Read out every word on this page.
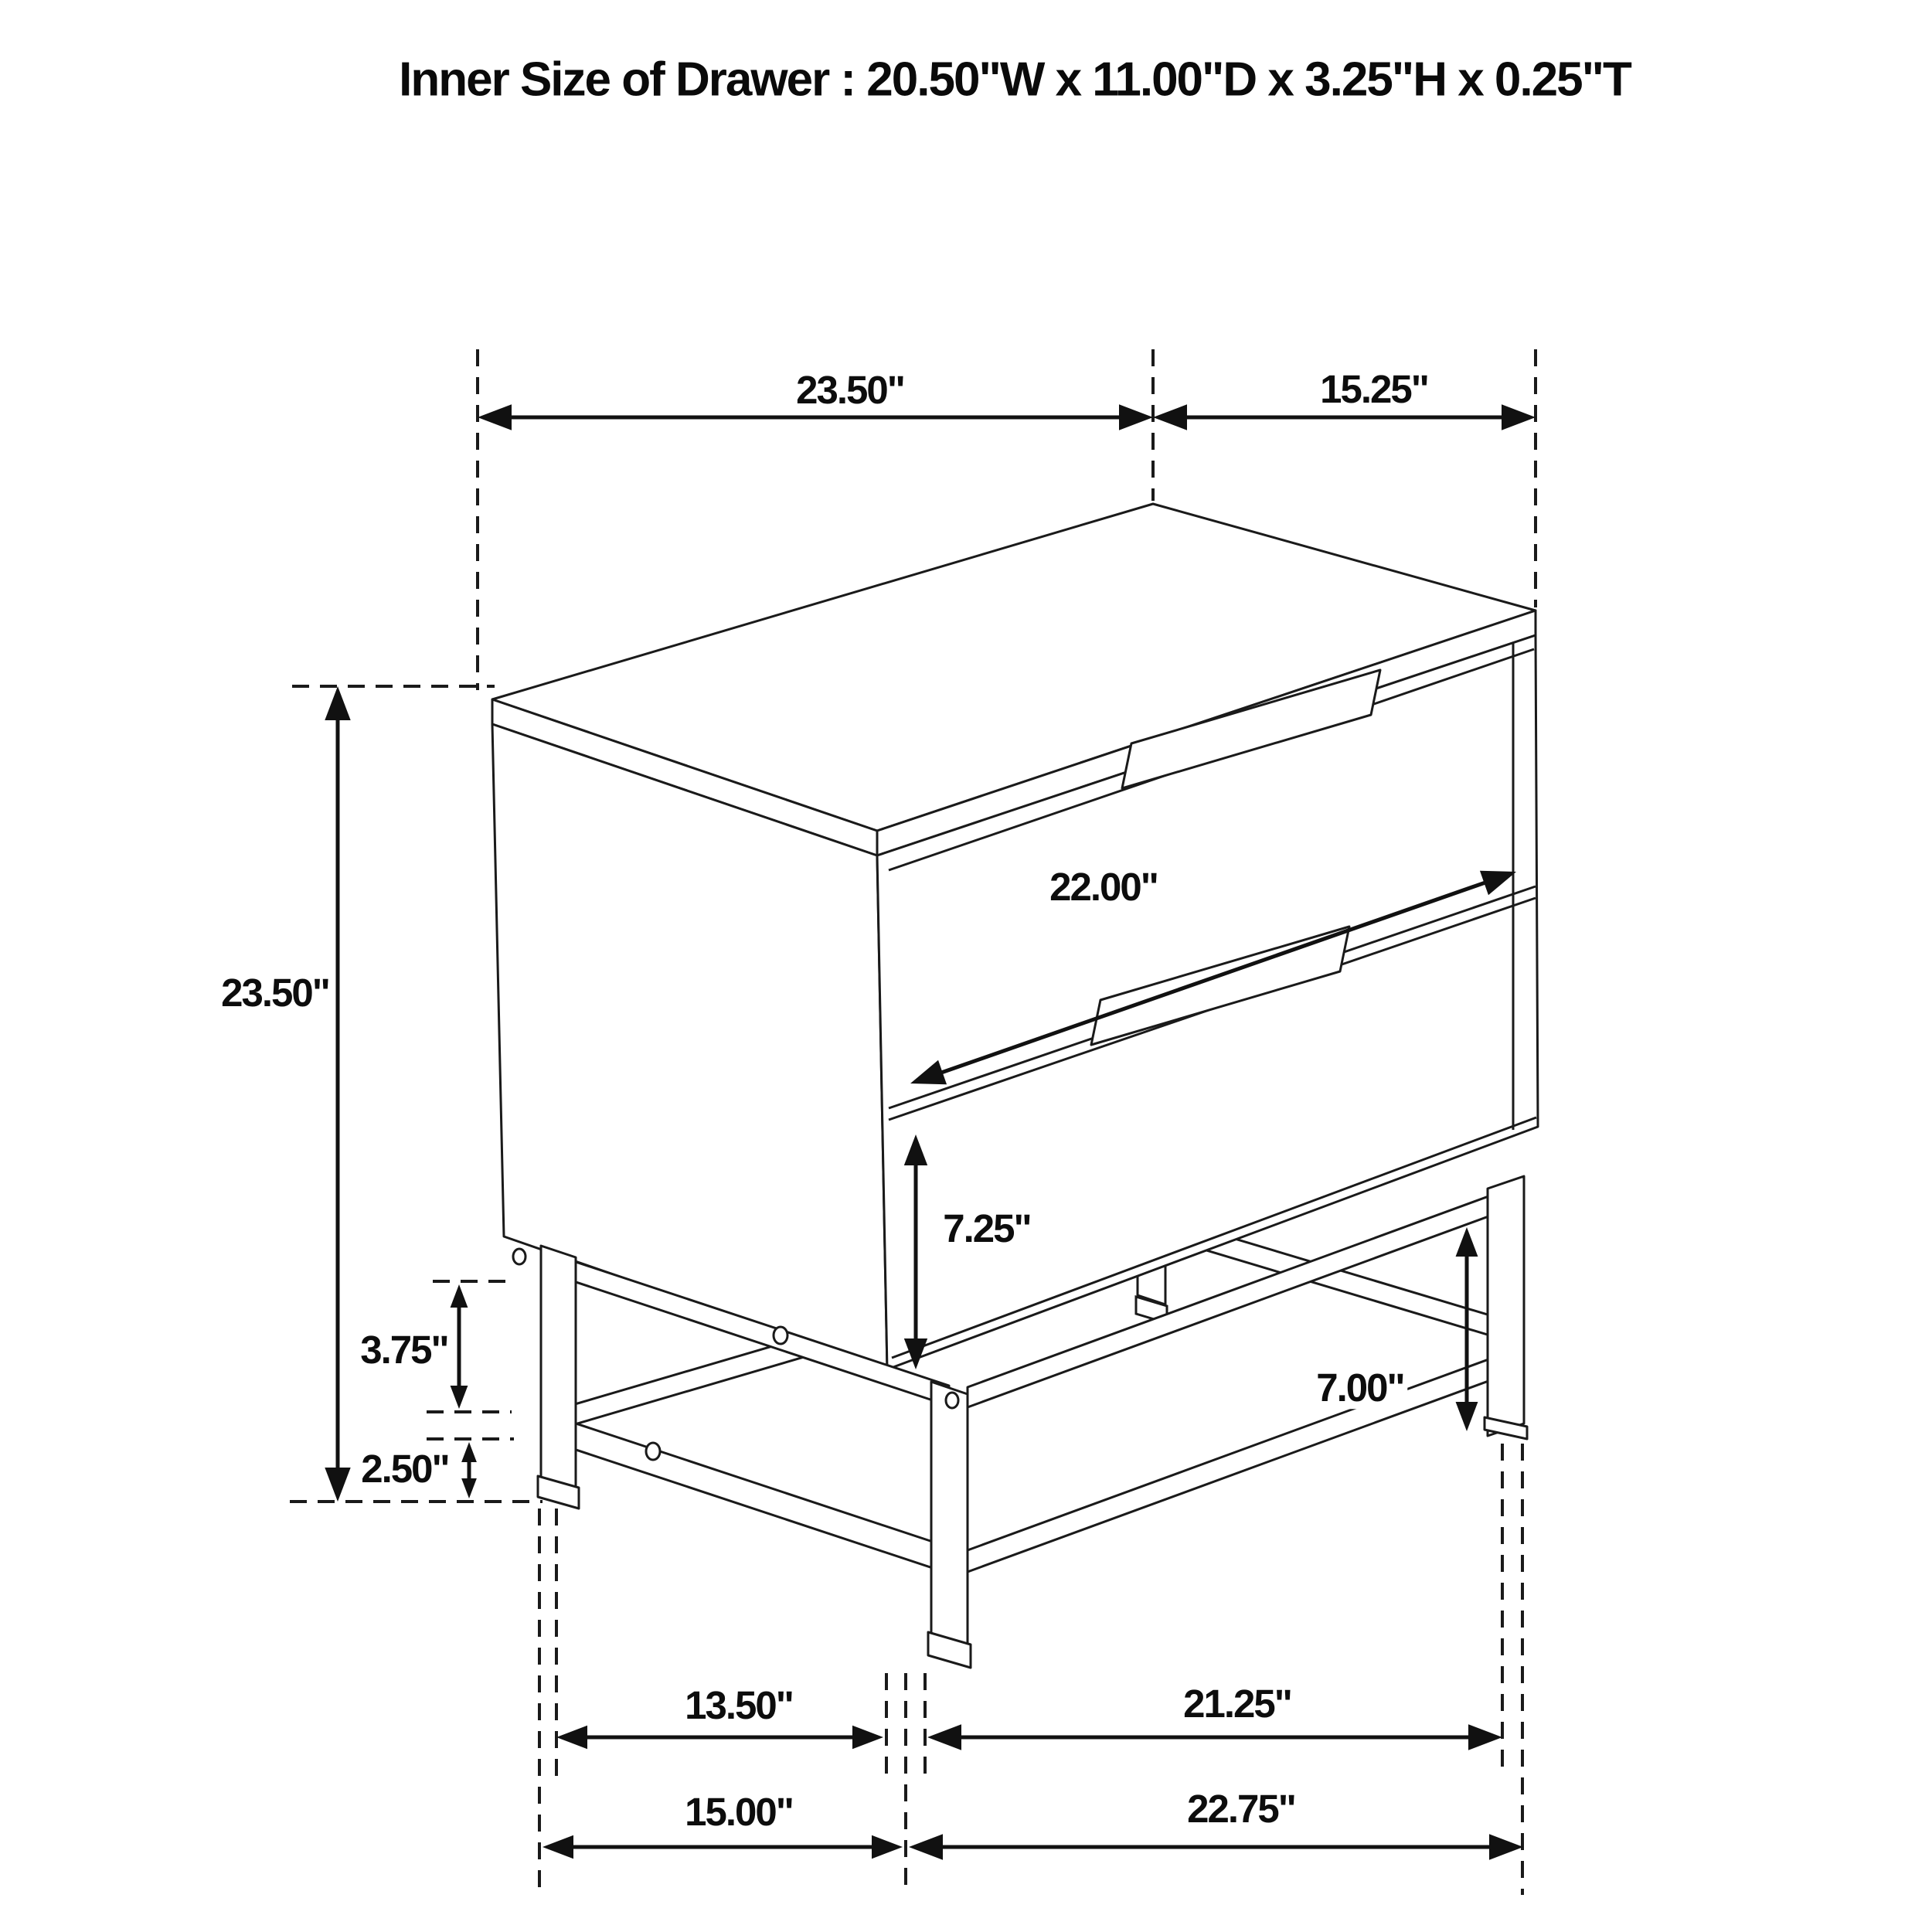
Inner Size of Drawer : 20.50"W x 11.00"D x 3.25"H x 0.25"T
23.50"	15.25"
23.50"
22.00"
7.25"
3.75"
2.50"
7.00"
13.50"	21.25"
15.00"	22.75"
